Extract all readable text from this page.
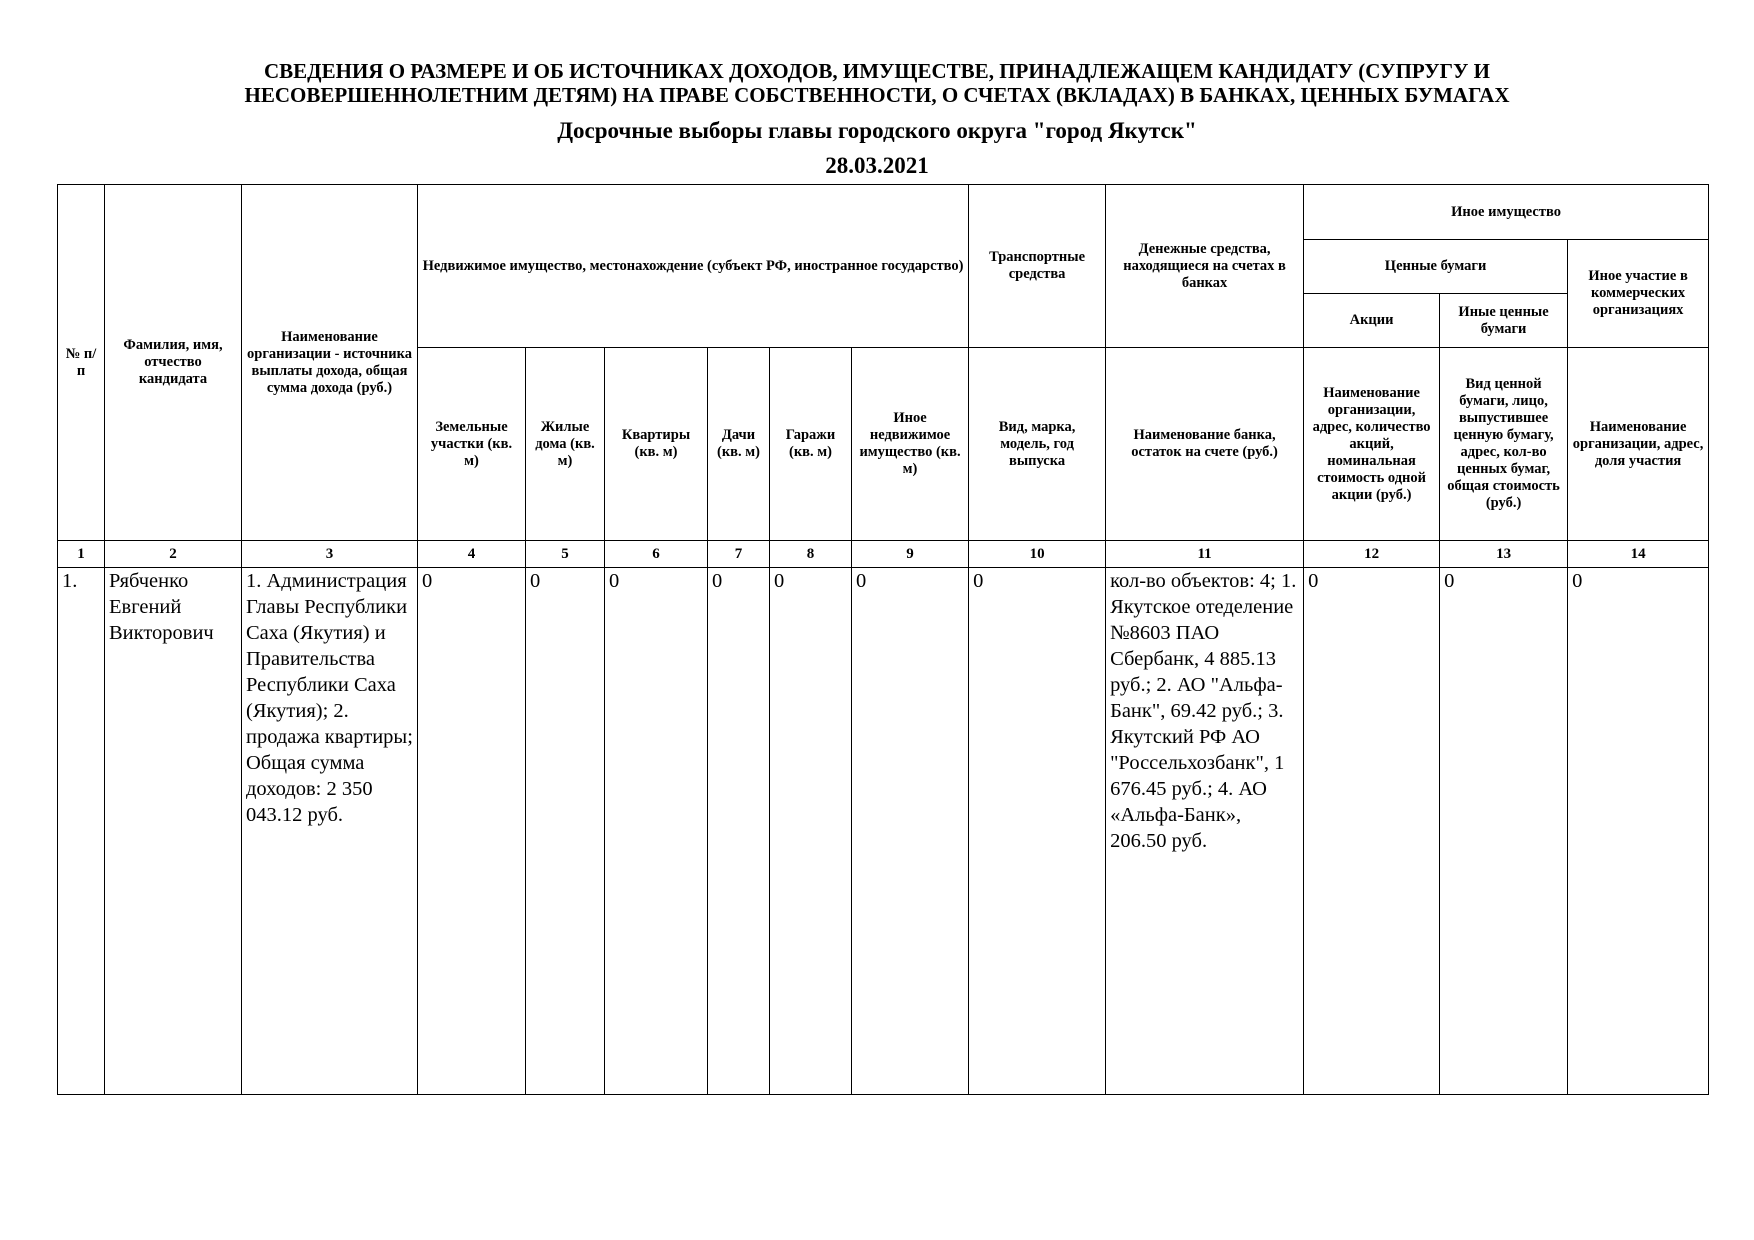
СВЕДЕНИЯ О РАЗМЕРЕ И ОБ ИСТОЧНИКАХ ДОХОДОВ, ИМУЩЕСТВЕ, ПРИНАДЛЕЖАЩЕМ КАНДИДАТУ (СУПРУГУ И
НЕСОВЕРШЕННОЛЕТНИМ ДЕТЯМ) НА ПРАВЕ СОБСТВЕННОСТИ, О СЧЕТАХ (ВКЛАДАХ) В БАНКАХ, ЦЕННЫХ БУМАГАХ
Досрочные выборы главы городского округа "город Якутск"
28.03.2021
№ п/п	Фамилия, имя, отчество кандидата	Наименование организации - источника выплаты дохода, общая сумма дохода (руб.)	Недвижимое имущество, местонахождение (субъект РФ, иностранное государство)						Транспортные средства	Денежные средства, находящиеся на счетах в банках	Иное имущество		
											Ценные бумаги		Иное участие в коммерческих организациях
											Акции	Иные ценные бумаги	
			Земельные участки (кв. м)	Жилые дома (кв. м)	Квартиры (кв. м)	Дачи (кв. м)	Гаражи (кв. м)	Иное недвижимое имущество (кв. м)	Вид, марка, модель, год выпуска	Наименование банка, остаток на счете (руб.)	Наименование организации, адрес, количество акций, номинальная стоимость одной акции (руб.)	Вид ценной бумаги, лицо, выпустившее ценную бумагу, адрес, кол-во ценных бумаг, общая стоимость (руб.)	Наименование организации, адрес, доля участия
1	2	3	4	5	6	7	8	9	10	11	12	13	14
1.	Рябченко Евгений Викторович	1. Администрация Главы Республики Саха (Якутия) и Правительства Республики Саха (Якутия); 2. продажа квартиры; Общая сумма доходов: 2 350 043.12 руб.	0	0	0	0	0	0	0	кол-во объектов: 4; 1. Якутское отеделение №8603 ПАО Сбербанк, 4 885.13 руб.; 2. АО "Альфа-Банк", 69.42 руб.; 3. Якутский РФ АО "Россельхозбанк", 1 676.45 руб.; 4. АО «Альфа-Банк», 206.50 руб.	0	0	0
